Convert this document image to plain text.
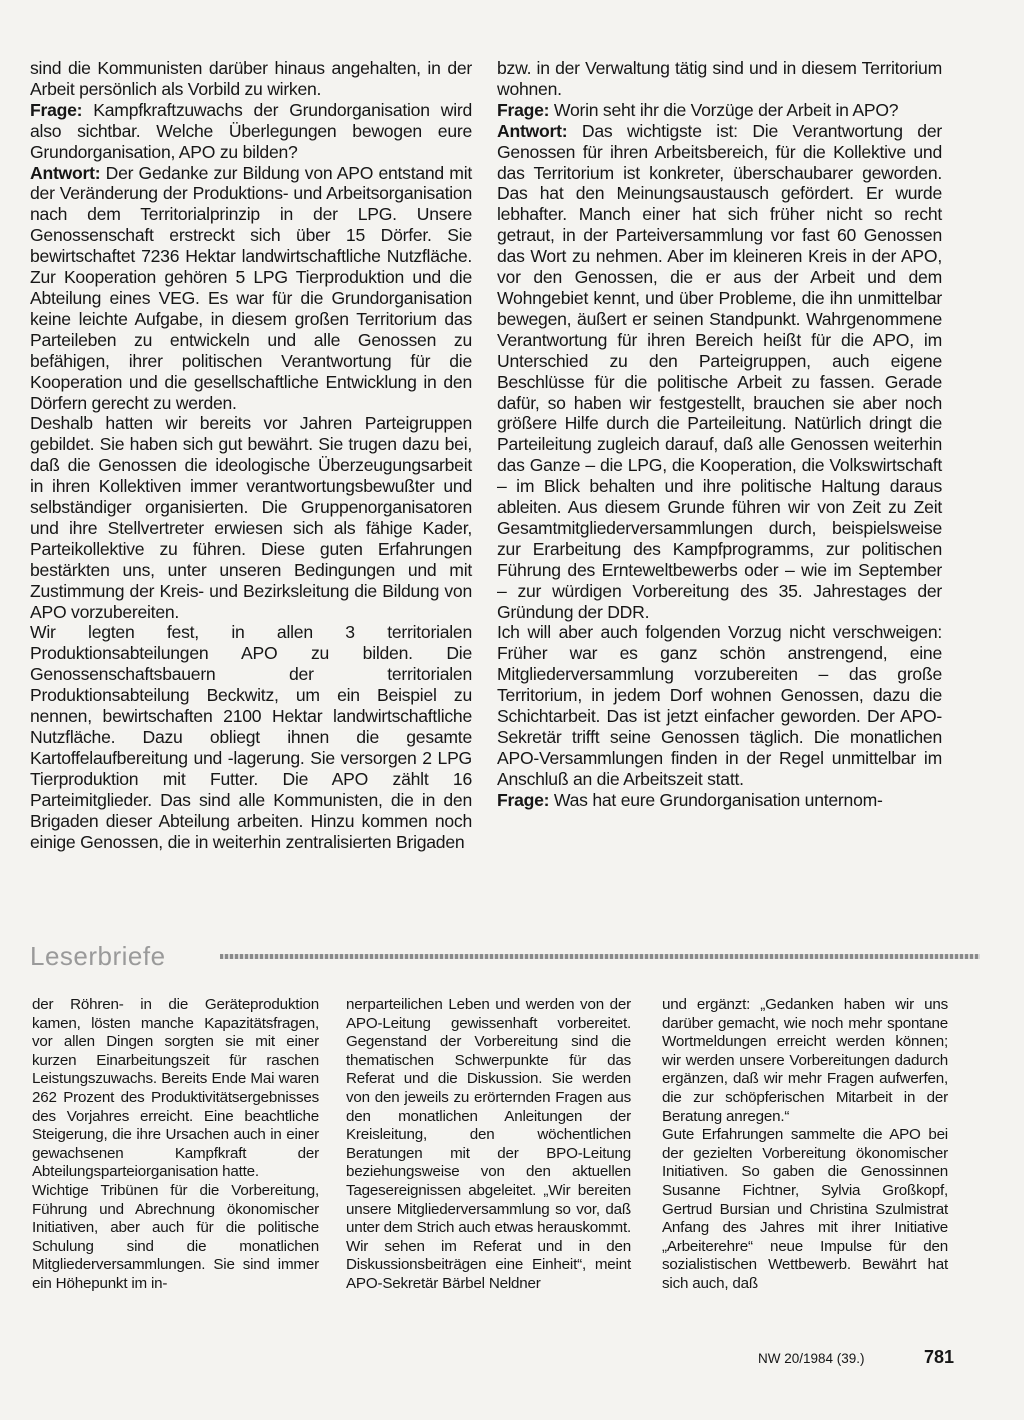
sind die Kommunisten darüber hinaus angehalten, in der Arbeit persönlich als Vorbild zu wirken.

Frage: Kampfkraftzuwachs der Grundorganisation wird also sichtbar. Welche Überlegungen bewogen eure Grundorganisation, APO zu bilden?

Antwort: Der Gedanke zur Bildung von APO entstand mit der Veränderung der Produktions- und Arbeitsorganisation nach dem Territorialprinzip in der LPG. Unsere Genossenschaft erstreckt sich über 15 Dörfer. Sie bewirtschaftet 7236 Hektar landwirtschaftliche Nutzfläche. Zur Kooperation gehören 5 LPG Tierproduktion und die Abteilung eines VEG. Es war für die Grundorganisation keine leichte Aufgabe, in diesem großen Territorium das Parteileben zu entwickeln und alle Genossen zu befähigen, ihrer politischen Verantwortung für die Kooperation und die gesellschaftliche Entwicklung in den Dörfern gerecht zu werden.

Deshalb hatten wir bereits vor Jahren Parteigruppen gebildet. Sie haben sich gut bewährt. Sie trugen dazu bei, daß die Genossen die ideologische Überzeugungsarbeit in ihren Kollektiven immer verantwortungsbewußter und selbständiger organisierten. Die Gruppenorganisatoren und ihre Stellvertreter erwiesen sich als fähige Kader, Parteikollektive zu führen. Diese guten Erfahrungen bestärkten uns, unter unseren Bedingungen und mit Zustimmung der Kreis- und Bezirksleitung die Bildung von APO vorzubereiten.

Wir legten fest, in allen 3 territorialen Produktionsabteilungen APO zu bilden. Die Genossenschaftsbauern der territorialen Produktionsabteilung Beckwitz, um ein Beispiel zu nennen, bewirtschaften 2100 Hektar landwirtschaftliche Nutzfläche. Dazu obliegt ihnen die gesamte Kartoffelaufbereitung und -lagerung. Sie versorgen 2 LPG Tierproduktion mit Futter. Die APO zählt 16 Parteimitglieder. Das sind alle Kommunisten, die in den Brigaden dieser Abteilung arbeiten. Hinzu kommen noch einige Genossen, die in weiterhin zentralisierten Brigaden

bzw. in der Verwaltung tätig sind und in diesem Territorium wohnen.

Frage: Worin seht ihr die Vorzüge der Arbeit in APO?

Antwort: Das wichtigste ist: Die Verantwortung der Genossen für ihren Arbeitsbereich, für die Kollektive und das Territorium ist konkreter, überschaubarer geworden. Das hat den Meinungsaustausch gefördert. Er wurde lebhafter. Manch einer hat sich früher nicht so recht getraut, in der Parteiversammlung vor fast 60 Genossen das Wort zu nehmen. Aber im kleineren Kreis in der APO, vor den Genossen, die er aus der Arbeit und dem Wohngebiet kennt, und über Probleme, die ihn unmittelbar bewegen, äußert er seinen Standpunkt. Wahrgenommene Verantwortung für ihren Bereich heißt für die APO, im Unterschied zu den Parteigruppen, auch eigene Beschlüsse für die politische Arbeit zu fassen. Gerade dafür, so haben wir festgestellt, brauchen sie aber noch größere Hilfe durch die Parteileitung. Natürlich dringt die Parteileitung zugleich darauf, daß alle Genossen weiterhin das Ganze – die LPG, die Kooperation, die Volkswirtschaft – im Blick behalten und ihre politische Haltung daraus ableiten. Aus diesem Grunde führen wir von Zeit zu Zeit Gesamtmitgliederversammlungen durch, beispielsweise zur Erarbeitung des Kampfprogramms, zur politischen Führung des Ernteweltbewerbs oder – wie im September – zur würdigen Vorbereitung des 35. Jahrestages der Gründung der DDR.

Ich will aber auch folgenden Vorzug nicht verschweigen: Früher war es ganz schön anstrengend, eine Mitgliederversammlung vorzubereiten – das große Territorium, in jedem Dorf wohnen Genossen, dazu die Schichtarbeit. Das ist jetzt einfacher geworden. Der APO-Sekretär trifft seine Genossen täglich. Die monatlichen APO-Versammlungen finden in der Regel unmittelbar im Anschluß an die Arbeitszeit statt.

Frage: Was hat eure Grundorganisation unternom-

Leserbriefe

der Röhren- in die Geräteproduktion kamen, lösten manche Kapazitätsfragen, vor allen Dingen sorgten sie mit einer kurzen Einarbeitungszeit für raschen Leistungszuwachs. Bereits Ende Mai waren 262 Prozent des Produktivitätsergebnisses des Vorjahres erreicht. Eine beachtliche Steigerung, die ihre Ursachen auch in einer gewachsenen Kampfkraft der Abteilungsparteiorganisation hatte.

Wichtige Tribünen für die Vorbereitung, Führung und Abrechnung ökonomischer Initiativen, aber auch für die politische Schulung sind die monatlichen Mitgliederversammlungen. Sie sind immer ein Höhepunkt im in-

nerparteilichen Leben und werden von der APO-Leitung gewissenhaft vorbereitet. Gegenstand der Vorbereitung sind die thematischen Schwerpunkte für das Referat und die Diskussion. Sie werden von den jeweils zu erörternden Fragen aus den monatlichen Anleitungen der Kreisleitung, den wöchentlichen Beratungen mit der BPO-Leitung beziehungsweise von den aktuellen Tagesereignissen abgeleitet. „Wir bereiten unsere Mitgliederversammlung so vor, daß unter dem Strich auch etwas herauskommt. Wir sehen im Referat und in den Diskussionsbeiträgen eine Einheit“, meint APO-Sekretär Bärbel Neldner

und ergänzt: „Gedanken haben wir uns darüber gemacht, wie noch mehr spontane Wortmeldungen erreicht werden können; wir werden unsere Vorbereitungen dadurch ergänzen, daß wir mehr Fragen aufwerfen, die zur schöpferischen Mitarbeit in der Beratung anregen.“

Gute Erfahrungen sammelte die APO bei der gezielten Vorbereitung ökonomischer Initiativen. So gaben die Genossinnen Susanne Fichtner, Sylvia Großkopf, Gertrud Bursian und Christina Szulmistrat Anfang des Jahres mit ihrer Initiative „Arbeiterehre“ neue Impulse für den sozialistischen Wettbewerb. Bewährt hat sich auch, daß

NW 20/1984 (39.)	781
